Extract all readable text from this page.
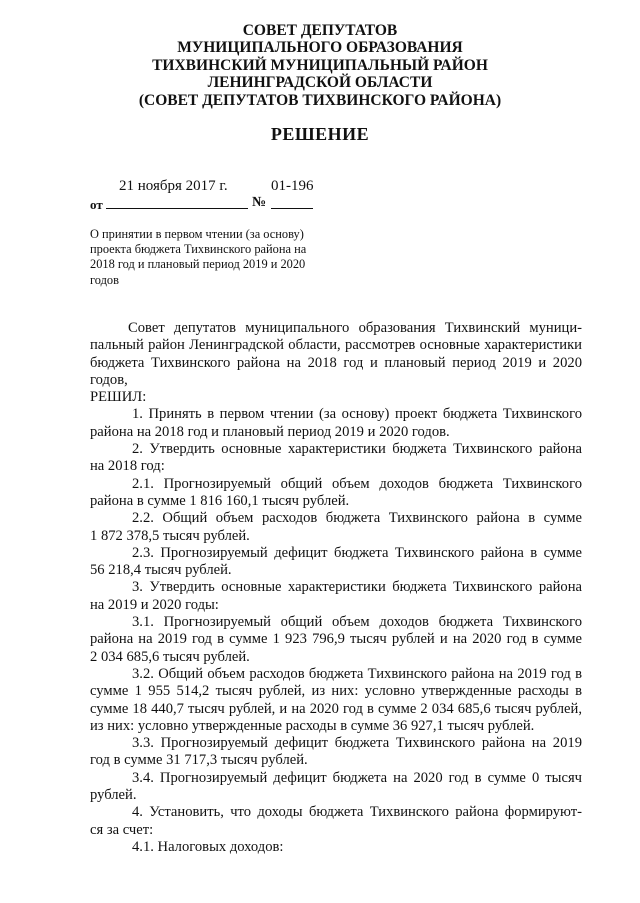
СОВЕТ ДЕПУТАТОВ
МУНИЦИПАЛЬНОГО ОБРАЗОВАНИЯ
ТИХВИНСКИЙ МУНИЦИПАЛЬНЫЙ РАЙОН
ЛЕНИНГРАДСКОЙ ОБЛАСТИ
(СОВЕТ ДЕПУТАТОВ ТИХВИНСКОГО РАЙОНА)
РЕШЕНИЕ
21 ноября 2017 г.	01-196
от	№
О принятии в первом чтении (за основу)
проекта бюджета Тихвинского района на
2018 год и плановый период 2019 и 2020
годов

Совет депутатов муниципального образования Тихвинский муници-

пальный район Ленинградской области, рассмотрев основные характеристики

бюджета Тихвинского района на 2018 год и плановый период 2019 и 2020

годов,

РЕШИЛ:

1. Принять в первом чтении (за основу) проект бюджета Тихвинского

района на 2018 год и плановый период 2019 и 2020 годов.

2. Утвердить основные характеристики бюджета Тихвинского района

на 2018 год:

2.1. Прогнозируемый общий объем доходов бюджета Тихвинского

района в сумме 1 816 160,1 тысяч рублей.

2.2. Общий объем расходов бюджета Тихвинского района в сумме

1 872 378,5 тысяч рублей.

2.3. Прогнозируемый дефицит бюджета Тихвинского района в сумме

56 218,4 тысяч рублей.

3. Утвердить основные характеристики бюджета Тихвинского района

на 2019 и 2020 годы:

3.1. Прогнозируемый общий объем доходов бюджета Тихвинского

района на 2019 год в сумме 1 923 796,9 тысяч рублей и на 2020 год в сумме

2 034 685,6 тысяч рублей.

3.2. Общий объем расходов бюджета Тихвинского района на 2019 год в

сумме 1 955 514,2 тысяч рублей, из них: условно утвержденные расходы в

сумме 18 440,7 тысяч рублей, и на 2020 год в сумме 2 034 685,6 тысяч рублей,

из них: условно утвержденные расходы в сумме 36 927,1 тысяч рублей.

3.3. Прогнозируемый дефицит бюджета Тихвинского района на 2019

год в сумме 31 717,3 тысяч рублей.

3.4. Прогнозируемый дефицит бюджета на 2020 год в сумме 0 тысяч

рублей.

4. Установить, что доходы бюджета Тихвинского района формируют-

ся за счет:

4.1. Налоговых доходов:
